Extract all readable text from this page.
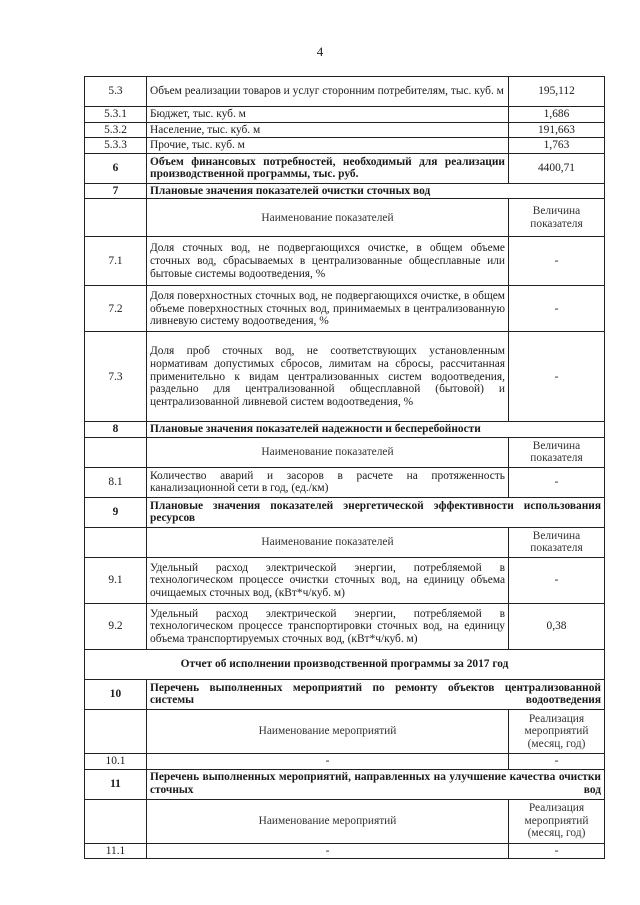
4
5.3	Объем реализации товаров и услуг сторонним потребителям, тыс. куб. м	195,112
5.3.1	Бюджет, тыс. куб. м	1,686
5.3.2	Население, тыс. куб. м	191,663
5.3.3	Прочие, тыс. куб. м	1,763
6	Объем финансовых потребностей, необходимый для реализации производственной программы, тыс. руб.	4400,71
7	Плановые значения показателей очистки сточных вод	
	Наименование показателей	Величина показателя
7.1	Доля сточных вод, не подвергающихся очистке, в общем объеме сточных вод, сбрасываемых в централизованные общесплавные или бытовые системы водоотведения, %	-
7.2	Доля поверхностных сточных вод, не подвергающихся очистке, в общем объеме поверхностных сточных вод, принимаемых в централизованную ливневую систему водоотведения, %	-
7.3	Доля проб сточных вод, не соответствующих установленным нормативам допустимых сбросов, лимитам на сбросы, рассчитанная применительно к видам централизованных систем водоотведения, раздельно для централизованной общесплавной (бытовой) и централизованной ливневой систем водоотведения, %	-
8	Плановые значения показателей надежности и бесперебойности	
	Наименование показателей	Величина показателя
8.1	Количество аварий и засоров в расчете на протяженность канализационной сети в год, (ед./км)	-
9	Плановые значения показателей энергетической эффективности использования ресурсов	
	Наименование показателей	Величина показателя
9.1	Удельный расход электрической энергии, потребляемой в технологическом процессе очистки сточных вод, на единицу объема очищаемых сточных вод, (кВт*ч/куб. м)	-
9.2	Удельный расход электрической энергии, потребляемой в технологическом процессе транспортировки сточных вод, на единицу объема транспортируемых сточных вод, (кВт*ч/куб. м)	0,38
Отчет об исполнении производственной программы за 2017 год		
10	Перечень выполненных мероприятий по ремонту объектов централизованной системы водоотведения	
	Наименование мероприятий	Реализация мероприятий (месяц, год)
10.1	-	-
11	Перечень выполненных мероприятий, направленных на улучшение качества очистки сточных вод	
	Наименование мероприятий	Реализация мероприятий (месяц, год)
11.1	-	-
